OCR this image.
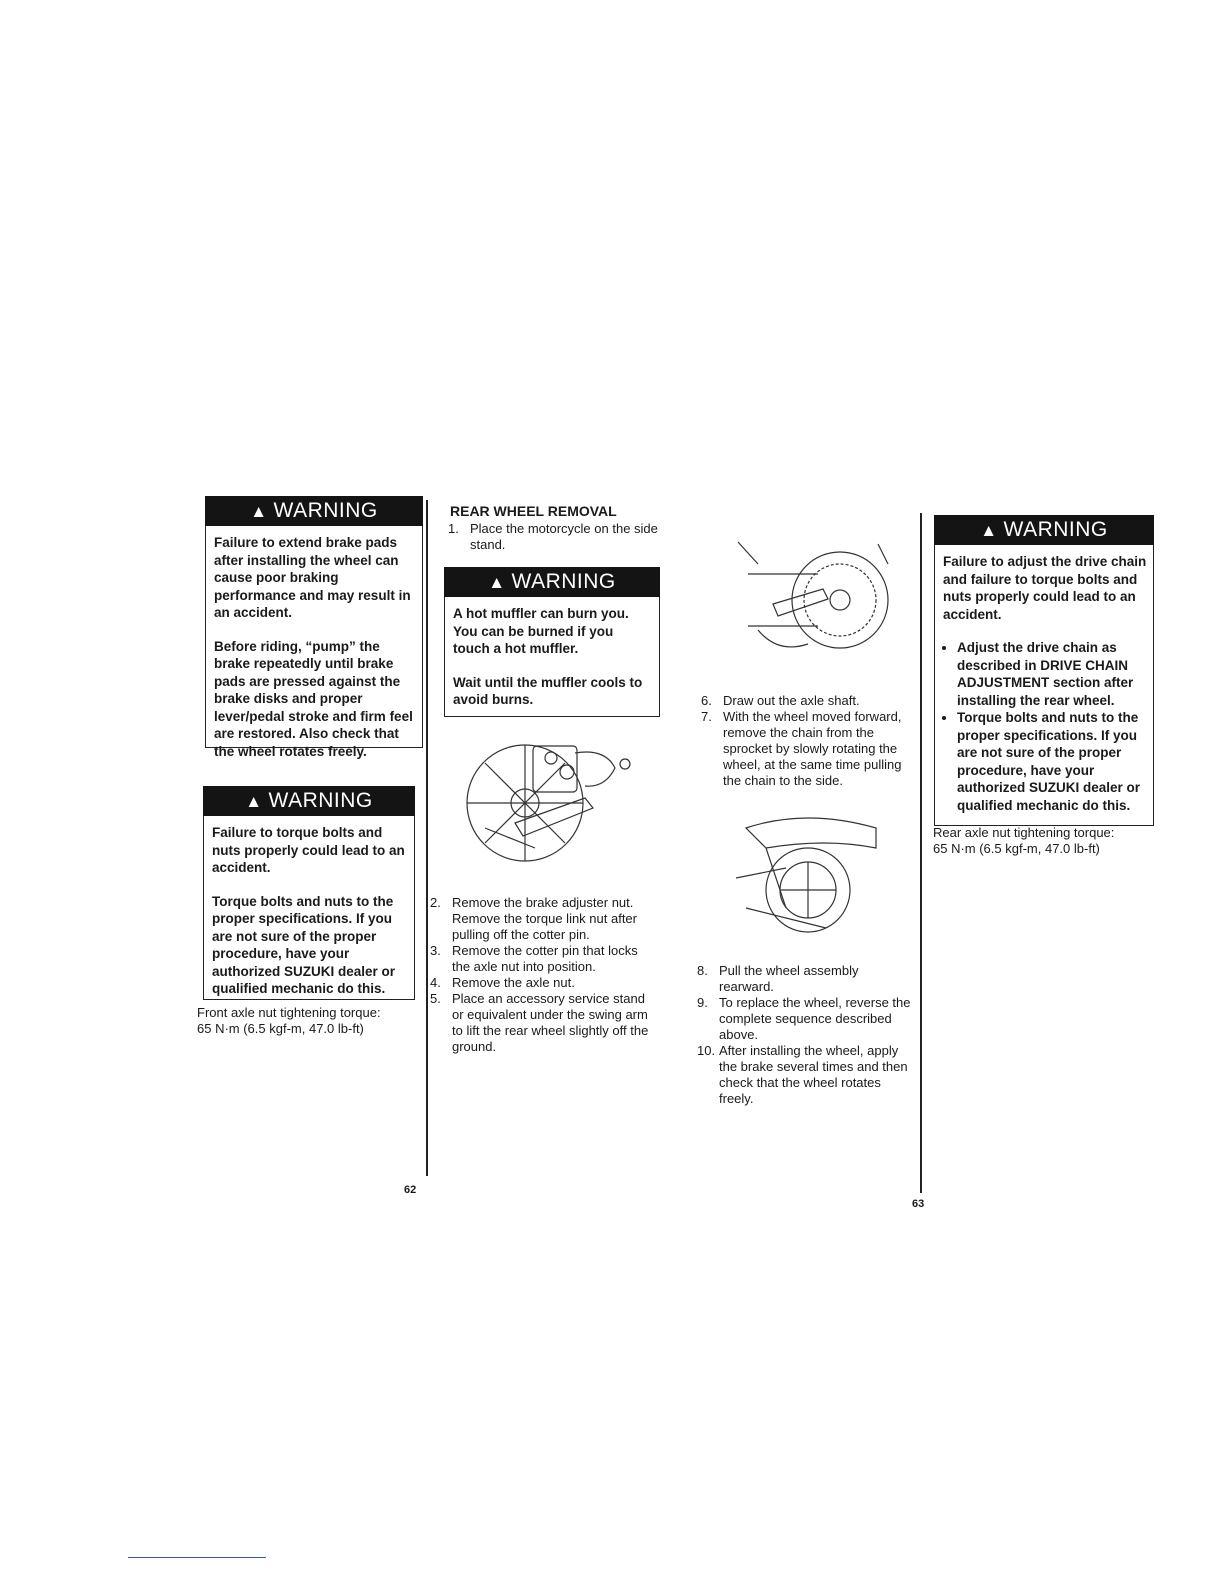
▲ WARNING

Failure to extend brake pads after installing the wheel can cause poor braking performance and may result in an accident.

Before riding, “pump” the brake repeatedly until brake pads are pressed against the brake disks and proper lever/pedal stroke and firm feel are restored. Also check that the wheel rotates freely.

▲ WARNING

Failure to torque bolts and nuts properly could lead to an accident.

Torque bolts and nuts to the proper specifications. If you are not sure of the proper procedure, have your authorized SUZUKI dealer or qualified mechanic do this.

Front axle nut tightening torque:
65 N·m (6.5 kgf-m, 47.0 lb-ft)
62
REAR WHEEL REMOVAL
1. Place the motorcycle on the side stand.
▲ WARNING

A hot muffler can burn you. You can be burned if you touch a hot muffler.

Wait until the muffler cools to avoid burns.

2. Remove the brake adjuster nut. Remove the torque link nut after pulling off the cotter pin.
3. Remove the cotter pin that locks the axle nut into position.
4. Remove the axle nut.
5. Place an accessory service stand or equivalent under the swing arm to lift the rear wheel slightly off the ground.
6. Draw out the axle shaft.
7. With the wheel moved forward, remove the chain from the sprocket by slowly rotating the wheel, at the same time pulling the chain to the side.
8. Pull the wheel assembly rearward.
9. To replace the wheel, reverse the complete sequence described above.
10. After installing the wheel, apply the brake several times and then check that the wheel rotates freely.
63
▲ WARNING

Failure to adjust the drive chain and failure to torque bolts and nuts properly could lead to an accident.

• Adjust the drive chain as described in DRIVE CHAIN ADJUSTMENT section after installing the rear wheel.
• Torque bolts and nuts to the proper specifications. If you are not sure of the proper procedure, have your authorized SUZUKI dealer or qualified mechanic do this.
Rear axle nut tightening torque:
65 N·m (6.5 kgf-m, 47.0 lb-ft)
